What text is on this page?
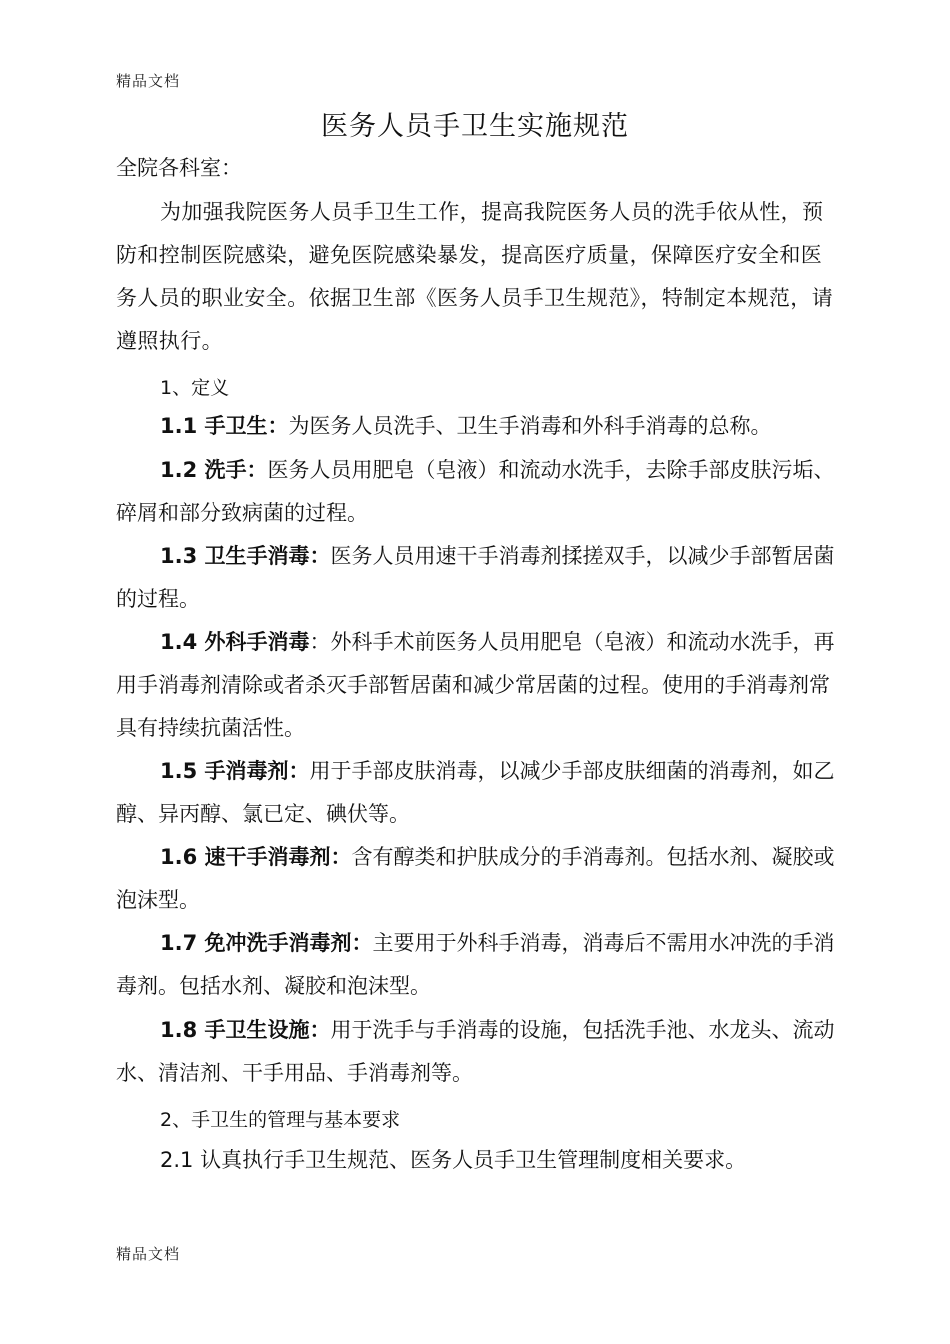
精品文档
医务人员手卫生实施规范
全院各科室：
为加强我院医务人员手卫生工作，提高我院医务人员的洗手依从性，预防和控制医院感染，避免医院感染暴发，提高医疗质量，保障医疗安全和医务人员的职业安全。依据卫生部《医务人员手卫生规范》，特制定本规范，请遵照执行。
1、定义
1.1 手卫生：为医务人员洗手、卫生手消毒和外科手消毒的总称。
1.2 洗手：医务人员用肥皂（皂液）和流动水洗手，去除手部皮肤污垢、碎屑和部分致病菌的过程。
1.3 卫生手消毒：医务人员用速干手消毒剂揉搓双手，以减少手部暂居菌的过程。
1.4 外科手消毒：外科手术前医务人员用肥皂（皂液）和流动水洗手，再用手消毒剂清除或者杀灭手部暂居菌和减少常居菌的过程。使用的手消毒剂常具有持续抗菌活性。
1.5 手消毒剂：用于手部皮肤消毒，以减少手部皮肤细菌的消毒剂，如乙醇、异丙醇、氯已定、碘伏等。
1.6 速干手消毒剂：含有醇类和护肤成分的手消毒剂。包括水剂、凝胶或泡沫型。
1.7 免冲洗手消毒剂：主要用于外科手消毒，消毒后不需用水冲洗的手消毒剂。包括水剂、凝胶和泡沫型。
1.8 手卫生设施：用于洗手与手消毒的设施，包括洗手池、水龙头、流动水、清洁剂、干手用品、手消毒剂等。
2、手卫生的管理与基本要求
2.1 认真执行手卫生规范、医务人员手卫生管理制度相关要求。
精品文档
